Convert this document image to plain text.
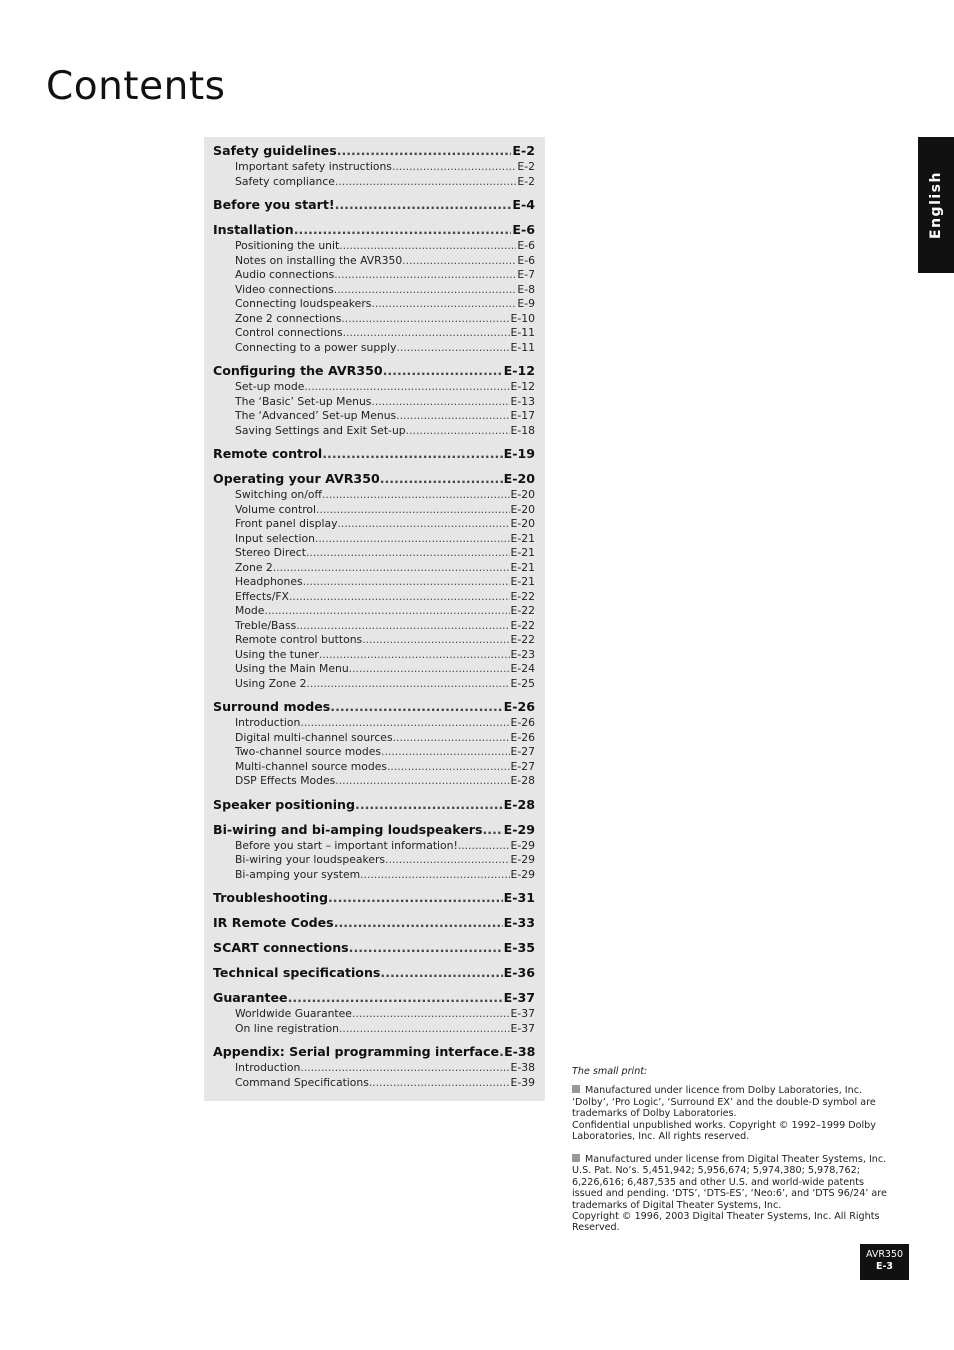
Contents
Safety guidelines .....	E-2
Important safety instructions .....	E-2
Safety compliance .....	E-2
Before you start! .....	E-4
Installation .....	E-6
Positioning the unit .....	E-6
Notes on installing the AVR350 .....	E-6
Audio connections .....	E-7
Video connections .....	E-8
Connecting loudspeakers .....	E-9
Zone 2 connections .....	E-10
Control connections .....	E-11
Connecting to a power supply .....	E-11
Configuring the AVR350 .....	E-12
Set-up mode .....	E-12
The ‘Basic’ Set-up Menus .....	E-13
The ‘Advanced’ Set-up Menus .....	E-17
Saving Settings and Exit Set-up .....	E-18
Remote control .....	E-19
Operating your AVR350 .....	E-20
Switching on/off .....	E-20
Volume control .....	E-20
Front panel display .....	E-20
Input selection .....	E-21
Stereo Direct .....	E-21
Zone 2 .....	E-21
Headphones .....	E-21
Effects/FX .....	E-22
Mode .....	E-22
Treble/Bass .....	E-22
Remote control buttons .....	E-22
Using the tuner .....	E-23
Using the Main Menu .....	E-24
Using Zone 2 .....	E-25
Surround modes .....	E-26
Introduction .....	E-26
Digital multi-channel sources .....	E-26
Two-channel source modes .....	E-27
Multi-channel source modes .....	E-27
DSP Effects Modes .....	E-28
Speaker positioning .....	E-28
Bi-wiring and bi-amping loudspeakers ..... E-29
Before you start – important information! .....	E-29
Bi-wiring your loudspeakers .....	E-29
Bi-amping your system .....	E-29
Troubleshooting .....	E-31
IR Remote Codes .....	E-33
SCART connections .....	E-35
Technical specifications .....	E-36
Guarantee .....	E-37
Worldwide Guarantee .....	E-37
On line registration .....	E-37
Appendix: Serial programming interface ..... E-38
Introduction .....	E-38
Command Specifications .....	E-39
English
The small print:
Manufactured under licence from Dolby Laboratories, Inc.
‘Dolby’, ‘Pro Logic’, ‘Surround EX’ and the double-D symbol are
trademarks of Dolby Laboratories.
Confidential unpublished works. Copyright © 1992–1999 Dolby
Laboratories, Inc. All rights reserved.
Manufactured under license from Digital Theater Systems, Inc.
U.S. Pat. No’s. 5,451,942; 5,956,674; 5,974,380; 5,978,762;
6,226,616; 6,487,535 and other U.S. and world-wide patents
issued and pending. ‘DTS’, ‘DTS-ES’, ‘Neo:6’, and ‘DTS 96/24’ are
trademarks of Digital Theater Systems, Inc.
Copyright © 1996, 2003 Digital Theater Systems, Inc. All Rights
Reserved.
AVR350
E-3
